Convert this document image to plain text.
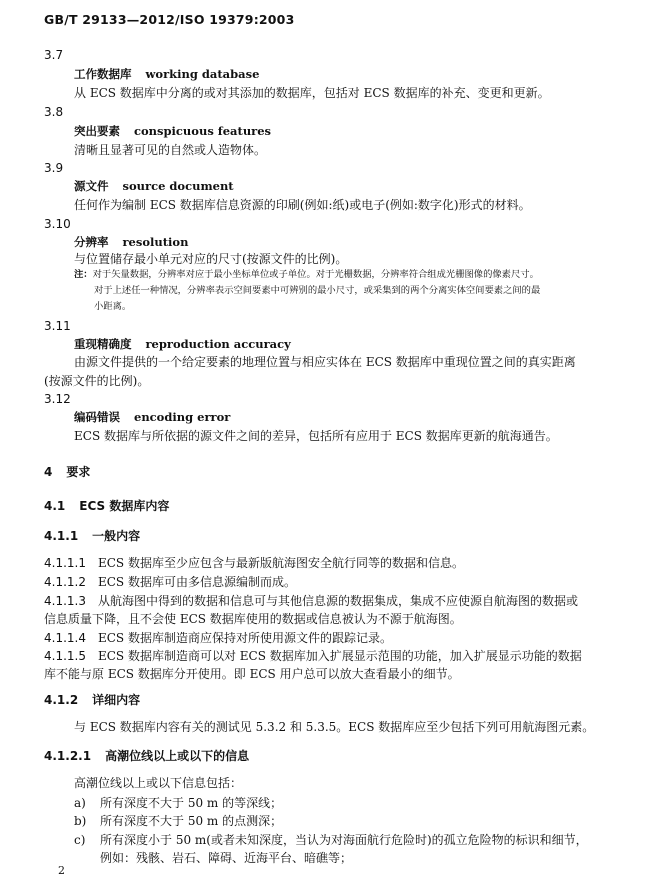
GB/T 29133—2012/ISO 19379:2003
3.7
工作数据库 working database
从 ECS 数据库中分离的或对其添加的数据库，包括对 ECS 数据库的补充、变更和更新。
3.8
突出要素 conspicuous features
清晰且显著可见的自然或人造物体。
3.9
源文件 source document
任何作为编制 ECS 数据库信息资源的印刷(例如:纸)或电子(例如:数字化)形式的材料。
3.10
分辨率 resolution
与位置储存最小单元对应的尺寸(按源文件的比例)。
注：对于矢量数据，分辨率对应于最小坐标单位或子单位。对于光栅数据，分辨率符合组成光栅图像的像素尺寸。
对于上述任一种情况，分辨率表示空间要素中可辨别的最小尺寸，或采集到的两个分离实体空间要素之间的最
小距离。
3.11
重现精确度 reproduction accuracy
由源文件提供的一个给定要素的地理位置与相应实体在 ECS 数据库中重现位置之间的真实距离
(按源文件的比例)。
3.12
编码错误 encoding error
ECS 数据库与所依据的源文件之间的差异，包括所有应用于 ECS 数据库更新的航海通告。
4 要求
4.1 ECS 数据库内容
4.1.1 一般内容
4.1.1.1 ECS 数据库至少应包含与最新版航海图安全航行同等的数据和信息。
4.1.1.2 ECS 数据库可由多信息源编制而成。
4.1.1.3 从航海图中得到的数据和信息可与其他信息源的数据集成，集成不应使源自航海图的数据或
信息质量下降，且不会使 ECS 数据库使用的数据或信息被认为不源于航海图。
4.1.1.4 ECS 数据库制造商应保持对所使用源文件的跟踪记录。
4.1.1.5 ECS 数据库制造商可以对 ECS 数据库加入扩展显示范围的功能，加入扩展显示功能的数据
库不能与原 ECS 数据库分开使用。即 ECS 用户总可以放大查看最小的细节。
4.1.2 详细内容
与 ECS 数据库内容有关的测试见 5.3.2 和 5.3.5。ECS 数据库应至少包括下列可用航海图元素。
4.1.2.1 高潮位线以上或以下的信息
高潮位线以上或以下信息包括：
a) 所有深度不大于 50 m 的等深线；
b) 所有深度不大于 50 m 的点测深；
c) 所有深度小于 50 m(或者未知深度，当认为对海面航行危险时)的孤立危险物的标识和细节，
例如：残骸、岩石、障碍、近海平台、暗礁等；
2
